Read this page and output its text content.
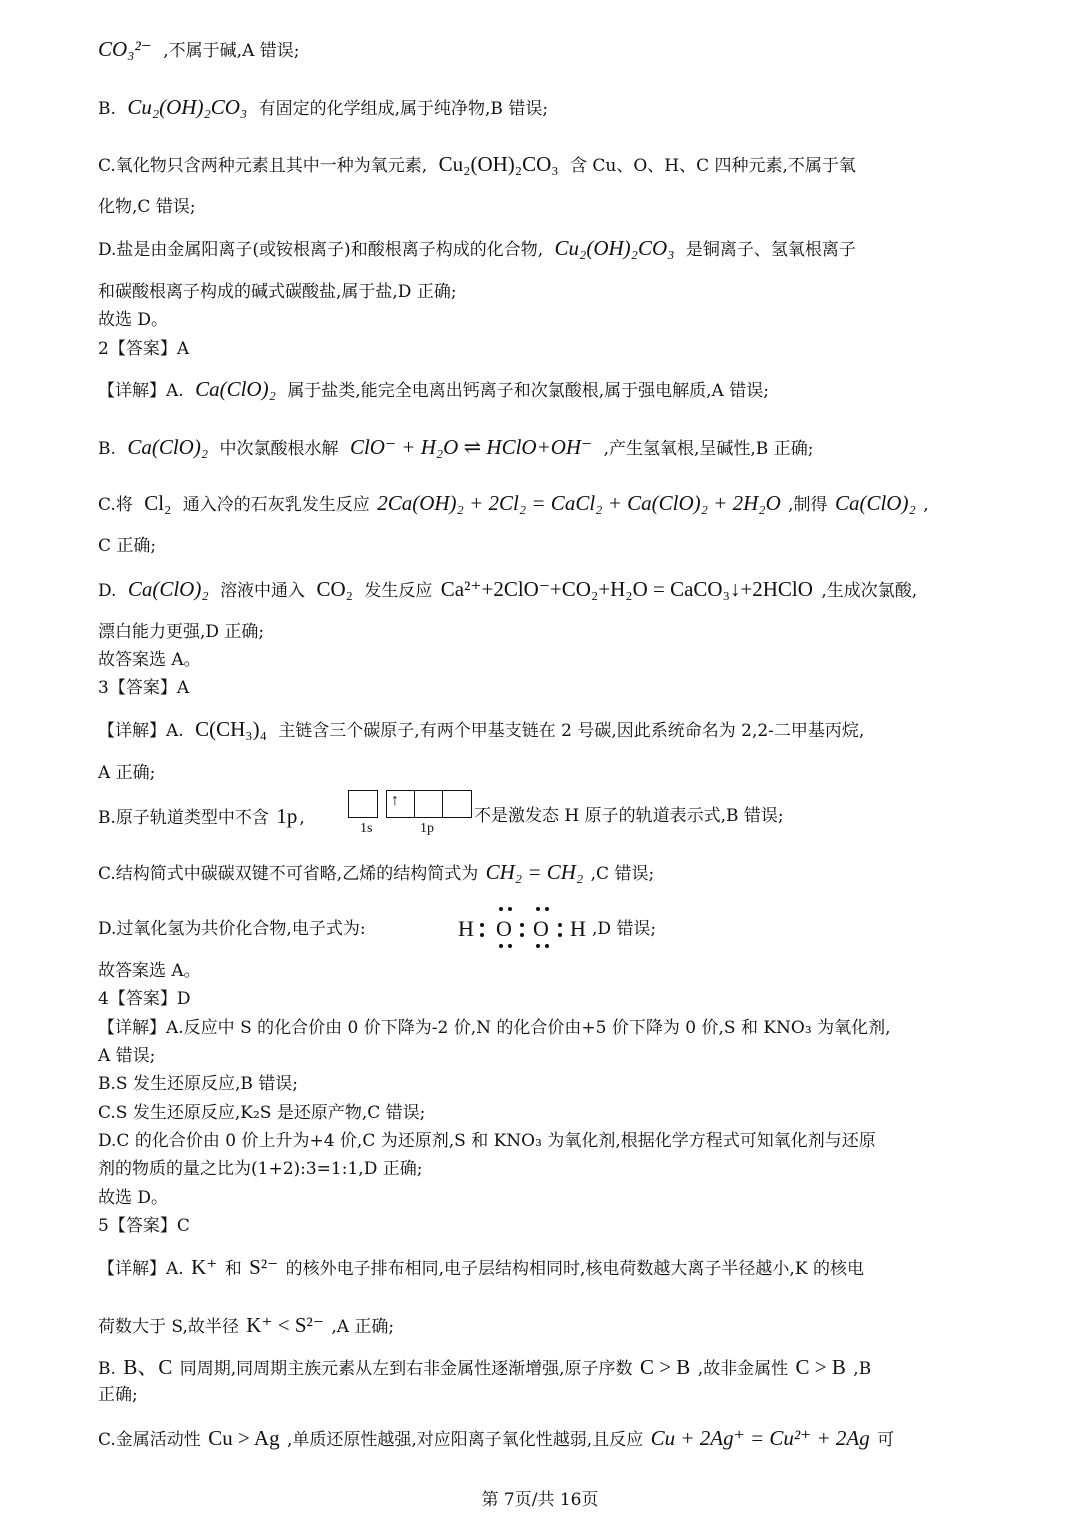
CO₃²⁻ ,不属于碱,A 错误;
B. Cu₂(OH)₂CO₃ 有固定的化学组成,属于纯净物,B 错误;
C.氧化物只含两种元素且其中一种为氧元素, Cu₂(OH)₂CO₃ 含 Cu、O、H、C 四种元素,不属于氧
化物,C 错误;
D.盐是由金属阳离子(或铵根离子)和酸根离子构成的化合物, Cu₂(OH)₂CO₃ 是铜离子、氢氧根离子
和碳酸根离子构成的碱式碳酸盐,属于盐,D 正确;
故选 D。
2【答案】A
【详解】A. Ca(ClO)₂ 属于盐类,能完全电离出钙离子和次氯酸根,属于强电解质,A 错误;
B. Ca(ClO)₂ 中次氯酸根水解 ClO⁻ + H₂O ⇌ HClO+OH⁻ ,产生氢氧根,呈碱性,B 正确;
C.将 Cl₂ 通入冷的石灰乳发生反应 2Ca(OH)₂ + 2Cl₂ = CaCl₂ + Ca(ClO)₂ + 2H₂O ,制得 Ca(ClO)₂ ,
C 正确;
D. Ca(ClO)₂ 溶液中通入 CO₂ 发生反应 Ca²⁺+2ClO⁻+CO₂+H₂O = CaCO₃↓+2HClO ,生成次氯酸,
漂白能力更强,D 正确;
故答案选 A。
3【答案】A
【详解】A. C(CH₃)₄ 主链含三个碳原子,有两个甲基支链在 2 号碳,因此系统命名为 2,2-二甲基丙烷,
A 正确;
B.原子轨道类型中不含 1p ,
↑
1s	1p
不是激发态 H 原子的轨道表示式,B 错误;
C.结构简式中碳碳双键不可省略,乙烯的结构简式为 CH₂ = CH₂ ,C 错误;
D.过氧化氢为共价化合物,电子式为:	H O O H ,D 错误;
故答案选 A。
4【答案】D
【详解】A.反应中 S 的化合价由 0 价下降为-2 价,N 的化合价由+5 价下降为 0 价,S 和 KNO₃ 为氧化剂,
A 错误;
B.S 发生还原反应,B 错误;
C.S 发生还原反应,K₂S 是还原产物,C 错误;
D.C 的化合价由 0 价上升为+4 价,C 为还原剂,S 和 KNO₃ 为氧化剂,根据化学方程式可知氧化剂与还原
剂的物质的量之比为(1+2):3=1:1,D 正确;
故选 D。
5【答案】C
【详解】A. K⁺ 和 S²⁻ 的核外电子排布相同,电子层结构相同时,核电荷数越大离子半径越小,K 的核电
荷数大于 S,故半径 K⁺ < S²⁻ ,A 正确;
B. B、C 同周期,同周期主族元素从左到右非金属性逐渐增强,原子序数 C > B ,故非金属性 C > B ,B
正确;
C.金属活动性 Cu > Ag ,单质还原性越强,对应阳离子氧化性越弱,且反应 Cu + 2Ag⁺ = Cu²⁺ + 2Ag 可
第 7页/共 16页
